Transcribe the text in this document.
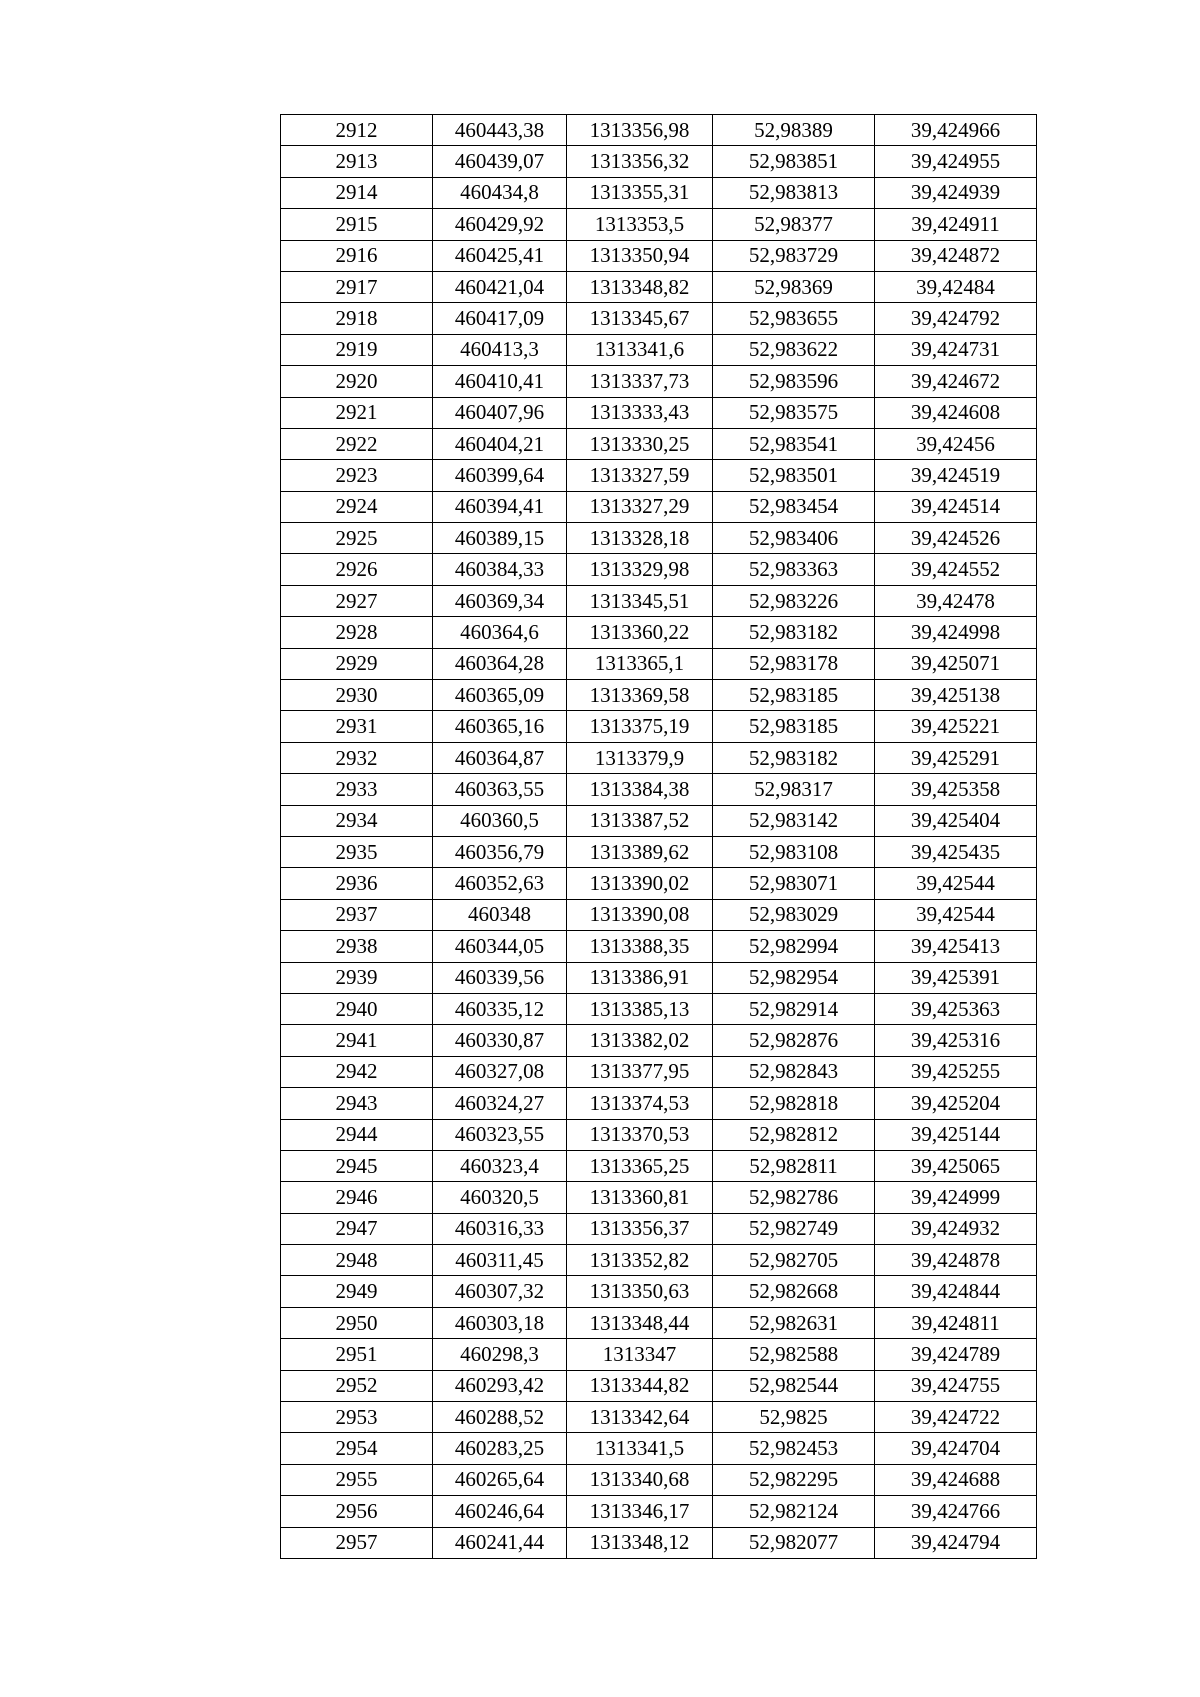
2912	460443,38	1313356,98	52,98389	39,424966
2913	460439,07	1313356,32	52,983851	39,424955
2914	460434,8	1313355,31	52,983813	39,424939
2915	460429,92	1313353,5	52,98377	39,424911
2916	460425,41	1313350,94	52,983729	39,424872
2917	460421,04	1313348,82	52,98369	39,42484
2918	460417,09	1313345,67	52,983655	39,424792
2919	460413,3	1313341,6	52,983622	39,424731
2920	460410,41	1313337,73	52,983596	39,424672
2921	460407,96	1313333,43	52,983575	39,424608
2922	460404,21	1313330,25	52,983541	39,42456
2923	460399,64	1313327,59	52,983501	39,424519
2924	460394,41	1313327,29	52,983454	39,424514
2925	460389,15	1313328,18	52,983406	39,424526
2926	460384,33	1313329,98	52,983363	39,424552
2927	460369,34	1313345,51	52,983226	39,42478
2928	460364,6	1313360,22	52,983182	39,424998
2929	460364,28	1313365,1	52,983178	39,425071
2930	460365,09	1313369,58	52,983185	39,425138
2931	460365,16	1313375,19	52,983185	39,425221
2932	460364,87	1313379,9	52,983182	39,425291
2933	460363,55	1313384,38	52,98317	39,425358
2934	460360,5	1313387,52	52,983142	39,425404
2935	460356,79	1313389,62	52,983108	39,425435
2936	460352,63	1313390,02	52,983071	39,42544
2937	460348	1313390,08	52,983029	39,42544
2938	460344,05	1313388,35	52,982994	39,425413
2939	460339,56	1313386,91	52,982954	39,425391
2940	460335,12	1313385,13	52,982914	39,425363
2941	460330,87	1313382,02	52,982876	39,425316
2942	460327,08	1313377,95	52,982843	39,425255
2943	460324,27	1313374,53	52,982818	39,425204
2944	460323,55	1313370,53	52,982812	39,425144
2945	460323,4	1313365,25	52,982811	39,425065
2946	460320,5	1313360,81	52,982786	39,424999
2947	460316,33	1313356,37	52,982749	39,424932
2948	460311,45	1313352,82	52,982705	39,424878
2949	460307,32	1313350,63	52,982668	39,424844
2950	460303,18	1313348,44	52,982631	39,424811
2951	460298,3	1313347	52,982588	39,424789
2952	460293,42	1313344,82	52,982544	39,424755
2953	460288,52	1313342,64	52,9825	39,424722
2954	460283,25	1313341,5	52,982453	39,424704
2955	460265,64	1313340,68	52,982295	39,424688
2956	460246,64	1313346,17	52,982124	39,424766
2957	460241,44	1313348,12	52,982077	39,424794
